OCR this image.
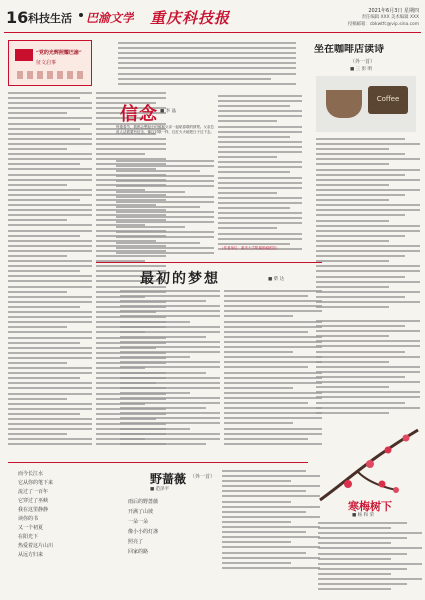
16 科技生活 巴渝文学 重庆科技报	2021年6月3日 星期四
责任编辑 XXX 美术编辑 XXX
投稿邮箱：cbkwtfc@vip.sina.com
“党的光辉照耀巴渝”
征文启事
信念 ■ 李 晶
每逢春节，我都会想起小时候和父亲一起贴春联的情景。父亲总说人活着要有信念，像这对联一样，红红火火地把日子过下去。
（作者单位：重庆大学附属肿瘤医院）
坐在咖啡店读诗
（外一首）
■ 三 彭 明
Coffee
最初的梦想	■ 柴 达
而今长江水
它从你的笔下来
流过了一百年
它穿过了巫峡
我在这里静静
读你的书
又一个初夏
在阳光下
热爱着这片山川
从远方归来
野蔷薇 （外一首）
■ 范泽平
雨后的野蔷薇
开满了山坡
一朵一朵
像小小的灯盏
照亮了
回家的路
寒梅树下
■ 杨 和 荣
